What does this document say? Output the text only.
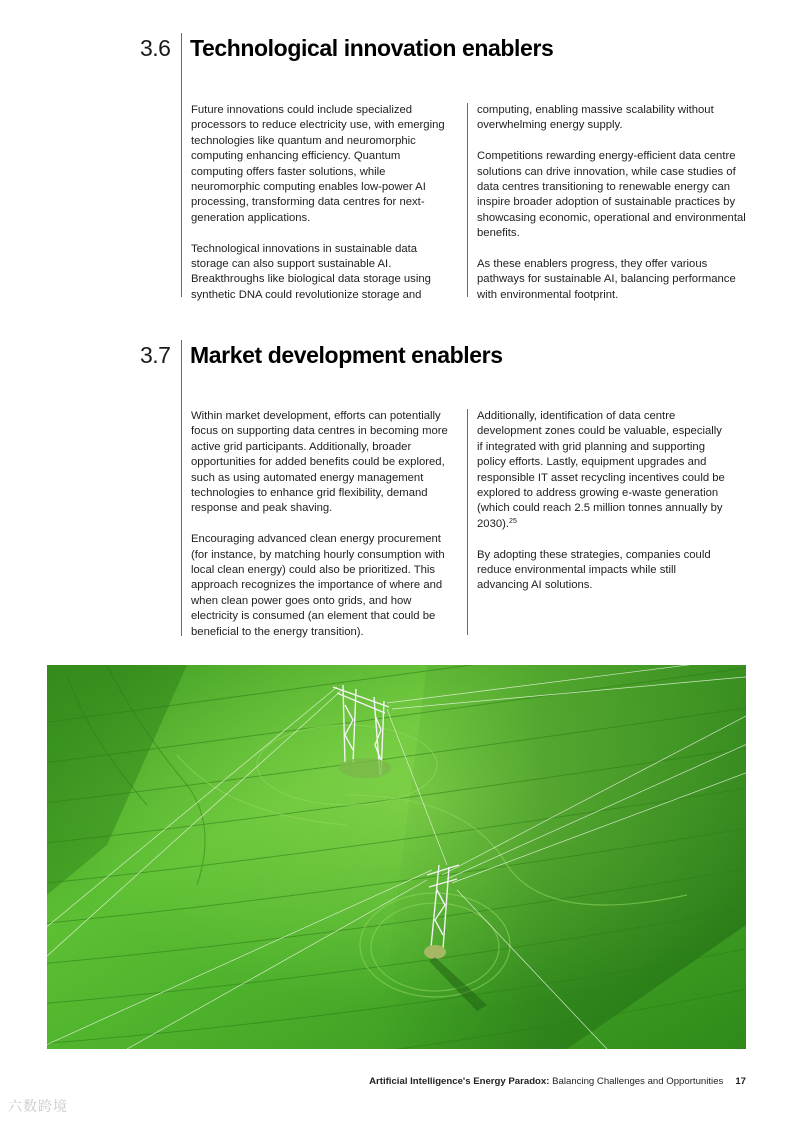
3.6 Technological innovation enablers

Future innovations could include specialized processors to reduce electricity use, with emerging technologies like quantum and neuromorphic computing enhancing efficiency. Quantum computing offers faster solutions, while neuromorphic computing enables low-power AI processing, transforming data centres for next-generation applications.

Technological innovations in sustainable data storage can also support sustainable AI. Breakthroughs like biological data storage using synthetic DNA could revolutionize storage and

computing, enabling massive scalability without overwhelming energy supply.

Competitions rewarding energy-efficient data centre solutions can drive innovation, while case studies of data centres transitioning to renewable energy can inspire broader adoption of sustainable practices by showcasing economic, operational and environmental benefits.

As these enablers progress, they offer various pathways for sustainable AI, balancing performance with environmental footprint.

3.7 Market development enablers

Within market development, efforts can potentially focus on supporting data centres in becoming more active grid participants. Additionally, broader opportunities for added benefits could be explored, such as using automated energy management technologies to enhance grid flexibility, demand response and peak shaving.

Encouraging advanced clean energy procurement (for instance, by matching hourly consumption with local clean energy) could also be prioritized. This approach recognizes the importance of where and when clean power goes onto grids, and how electricity is consumed (an element that could be beneficial to the energy transition).

Additionally, identification of data centre development zones could be valuable, especially if integrated with grid planning and supporting policy efforts. Lastly, equipment upgrades and responsible IT asset recycling incentives could be explored to address growing e-waste generation (which could reach 2.5 million tonnes annually by 2030).$^{25}$

By adopting these strategies, companies could reduce environmental impacts while still advancing AI solutions.

Artificial Intelligence's Energy Paradox: Balancing Challenges and Opportunities 17
六数跨境
